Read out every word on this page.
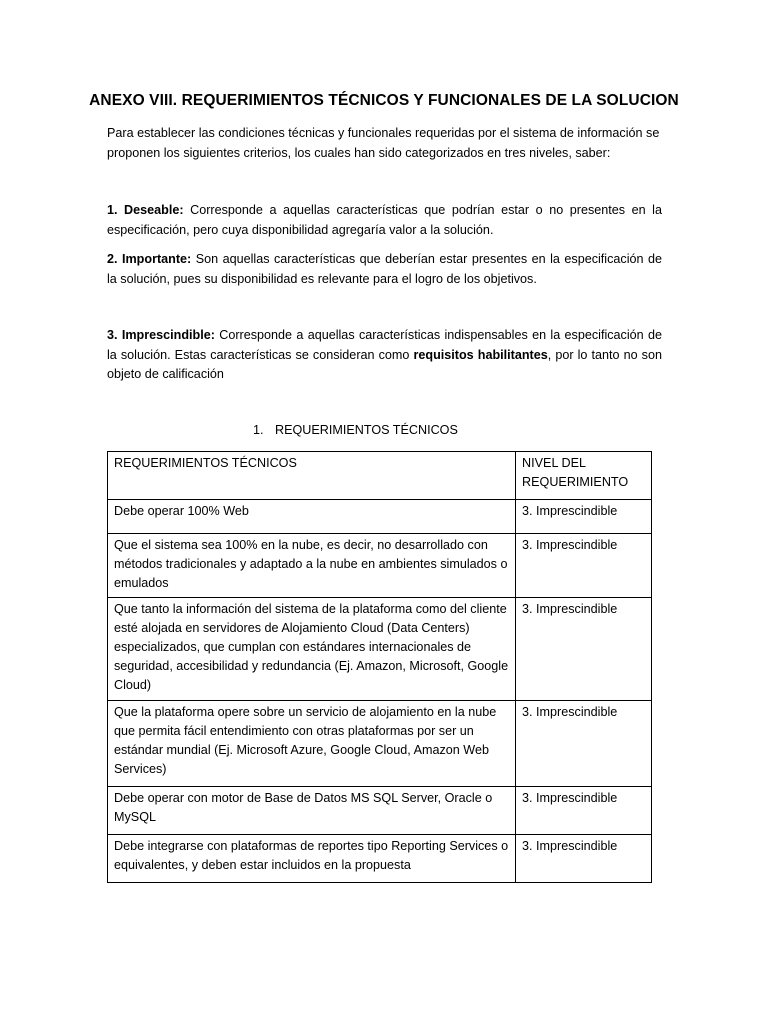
ANEXO VIII. REQUERIMIENTOS TÉCNICOS Y FUNCIONALES DE LA SOLUCION

Para establecer las condiciones técnicas y funcionales requeridas por el sistema de información se proponen los siguientes criterios, los cuales han sido categorizados en tres niveles, saber:

1. Deseable: Corresponde a aquellas características que podrían estar o no presentes en la especificación, pero cuya disponibilidad agregaría valor a la solución.

2. Importante: Son aquellas características que deberían estar presentes en la especificación de la solución, pues su disponibilidad es relevante para el logro de los objetivos.

3. Imprescindible: Corresponde a aquellas características indispensables en la especificación de la solución. Estas características se consideran como requisitos habilitantes, por lo tanto no son objeto de calificación

1. REQUERIMIENTOS TÉCNICOS

REQUERIMIENTOS TÉCNICOS	NIVEL DEL REQUERIMIENTO
Debe operar 100% Web	3. Imprescindible
Que el sistema sea 100% en la nube, es decir, no desarrollado con métodos tradicionales y adaptado a la nube en ambientes simulados o emulados	3. Imprescindible
Que tanto la información del sistema de la plataforma como del cliente esté alojada en servidores de Alojamiento Cloud (Data Centers) especializados, que cumplan con estándares internacionales de seguridad, accesibilidad y redundancia (Ej. Amazon, Microsoft, Google Cloud)	3. Imprescindible
Que la plataforma opere sobre un servicio de alojamiento en la nube que permita fácil entendimiento con otras plataformas por ser un estándar mundial (Ej. Microsoft Azure, Google Cloud, Amazon Web Services)	3. Imprescindible
Debe operar con motor de Base de Datos MS SQL Server, Oracle o MySQL	3. Imprescindible
Debe integrarse con plataformas de reportes tipo Reporting Services o equivalentes, y deben estar incluidos en la propuesta	3. Imprescindible
